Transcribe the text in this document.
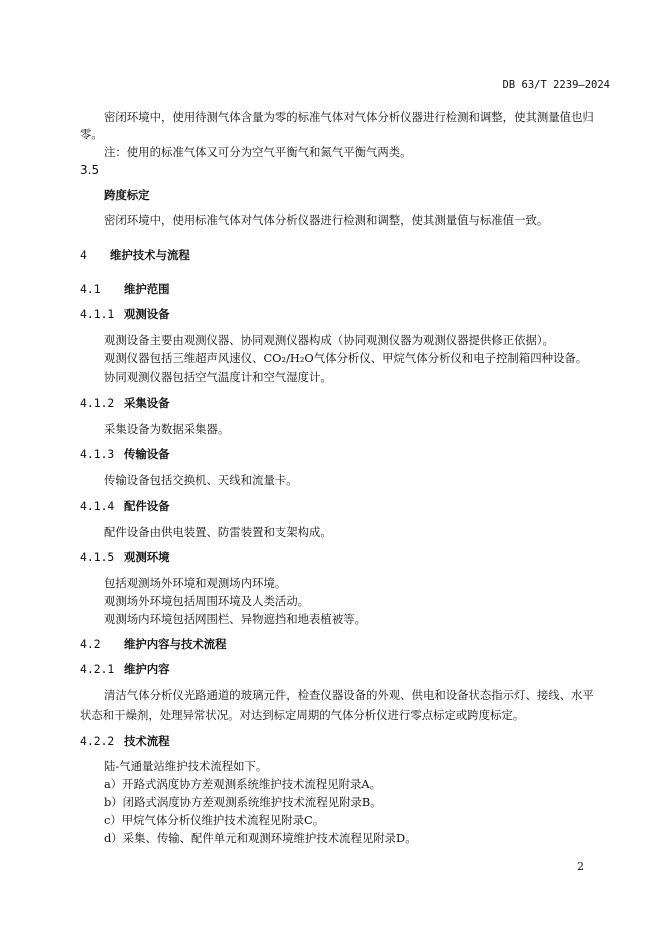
DB 63/T 2239—2024
密闭环境中，使用待测气体含量为零的标准气体对气体分析仪器进行检测和调整，使其测量值也归
零。
注：使用的标准气体又可分为空气平衡气和氮气平衡气两类。
3.5
跨度标定
密闭环境中，使用标准气体对气体分析仪器进行检测和调整，使其测量值与标准值一致。
4 维护技术与流程
4.1 维护范围
4.1.1 观测设备
观测设备主要由观测仪器、协同观测仪器构成（协同观测仪器为观测仪器提供修正依据）。
观测仪器包括三维超声风速仪、CO₂/H₂O气体分析仪、甲烷气体分析仪和电子控制箱四种设备。
协同观测仪器包括空气温度计和空气湿度计。
4.1.2 采集设备
采集设备为数据采集器。
4.1.3 传输设备
传输设备包括交换机、天线和流量卡。
4.1.4 配件设备
配件设备由供电装置、防雷装置和支架构成。
4.1.5 观测环境
包括观测场外环境和观测场内环境。
观测场外环境包括周围环境及人类活动。
观测场内环境包括网围栏、异物遮挡和地表植被等。
4.2 维护内容与技术流程
4.2.1 维护内容
清洁气体分析仪光路通道的玻璃元件，检查仪器设备的外观、供电和设备状态指示灯、接线、水平
状态和干燥剂，处理异常状况。对达到标定周期的气体分析仪进行零点标定或跨度标定。
4.2.2 技术流程
陆-气通量站维护技术流程如下。
a）开路式涡度协方差观测系统维护技术流程见附录A。
b）闭路式涡度协方差观测系统维护技术流程见附录B。
c）甲烷气体分析仪维护技术流程见附录C。
d）采集、传输、配件单元和观测环境维护技术流程见附录D。
2
